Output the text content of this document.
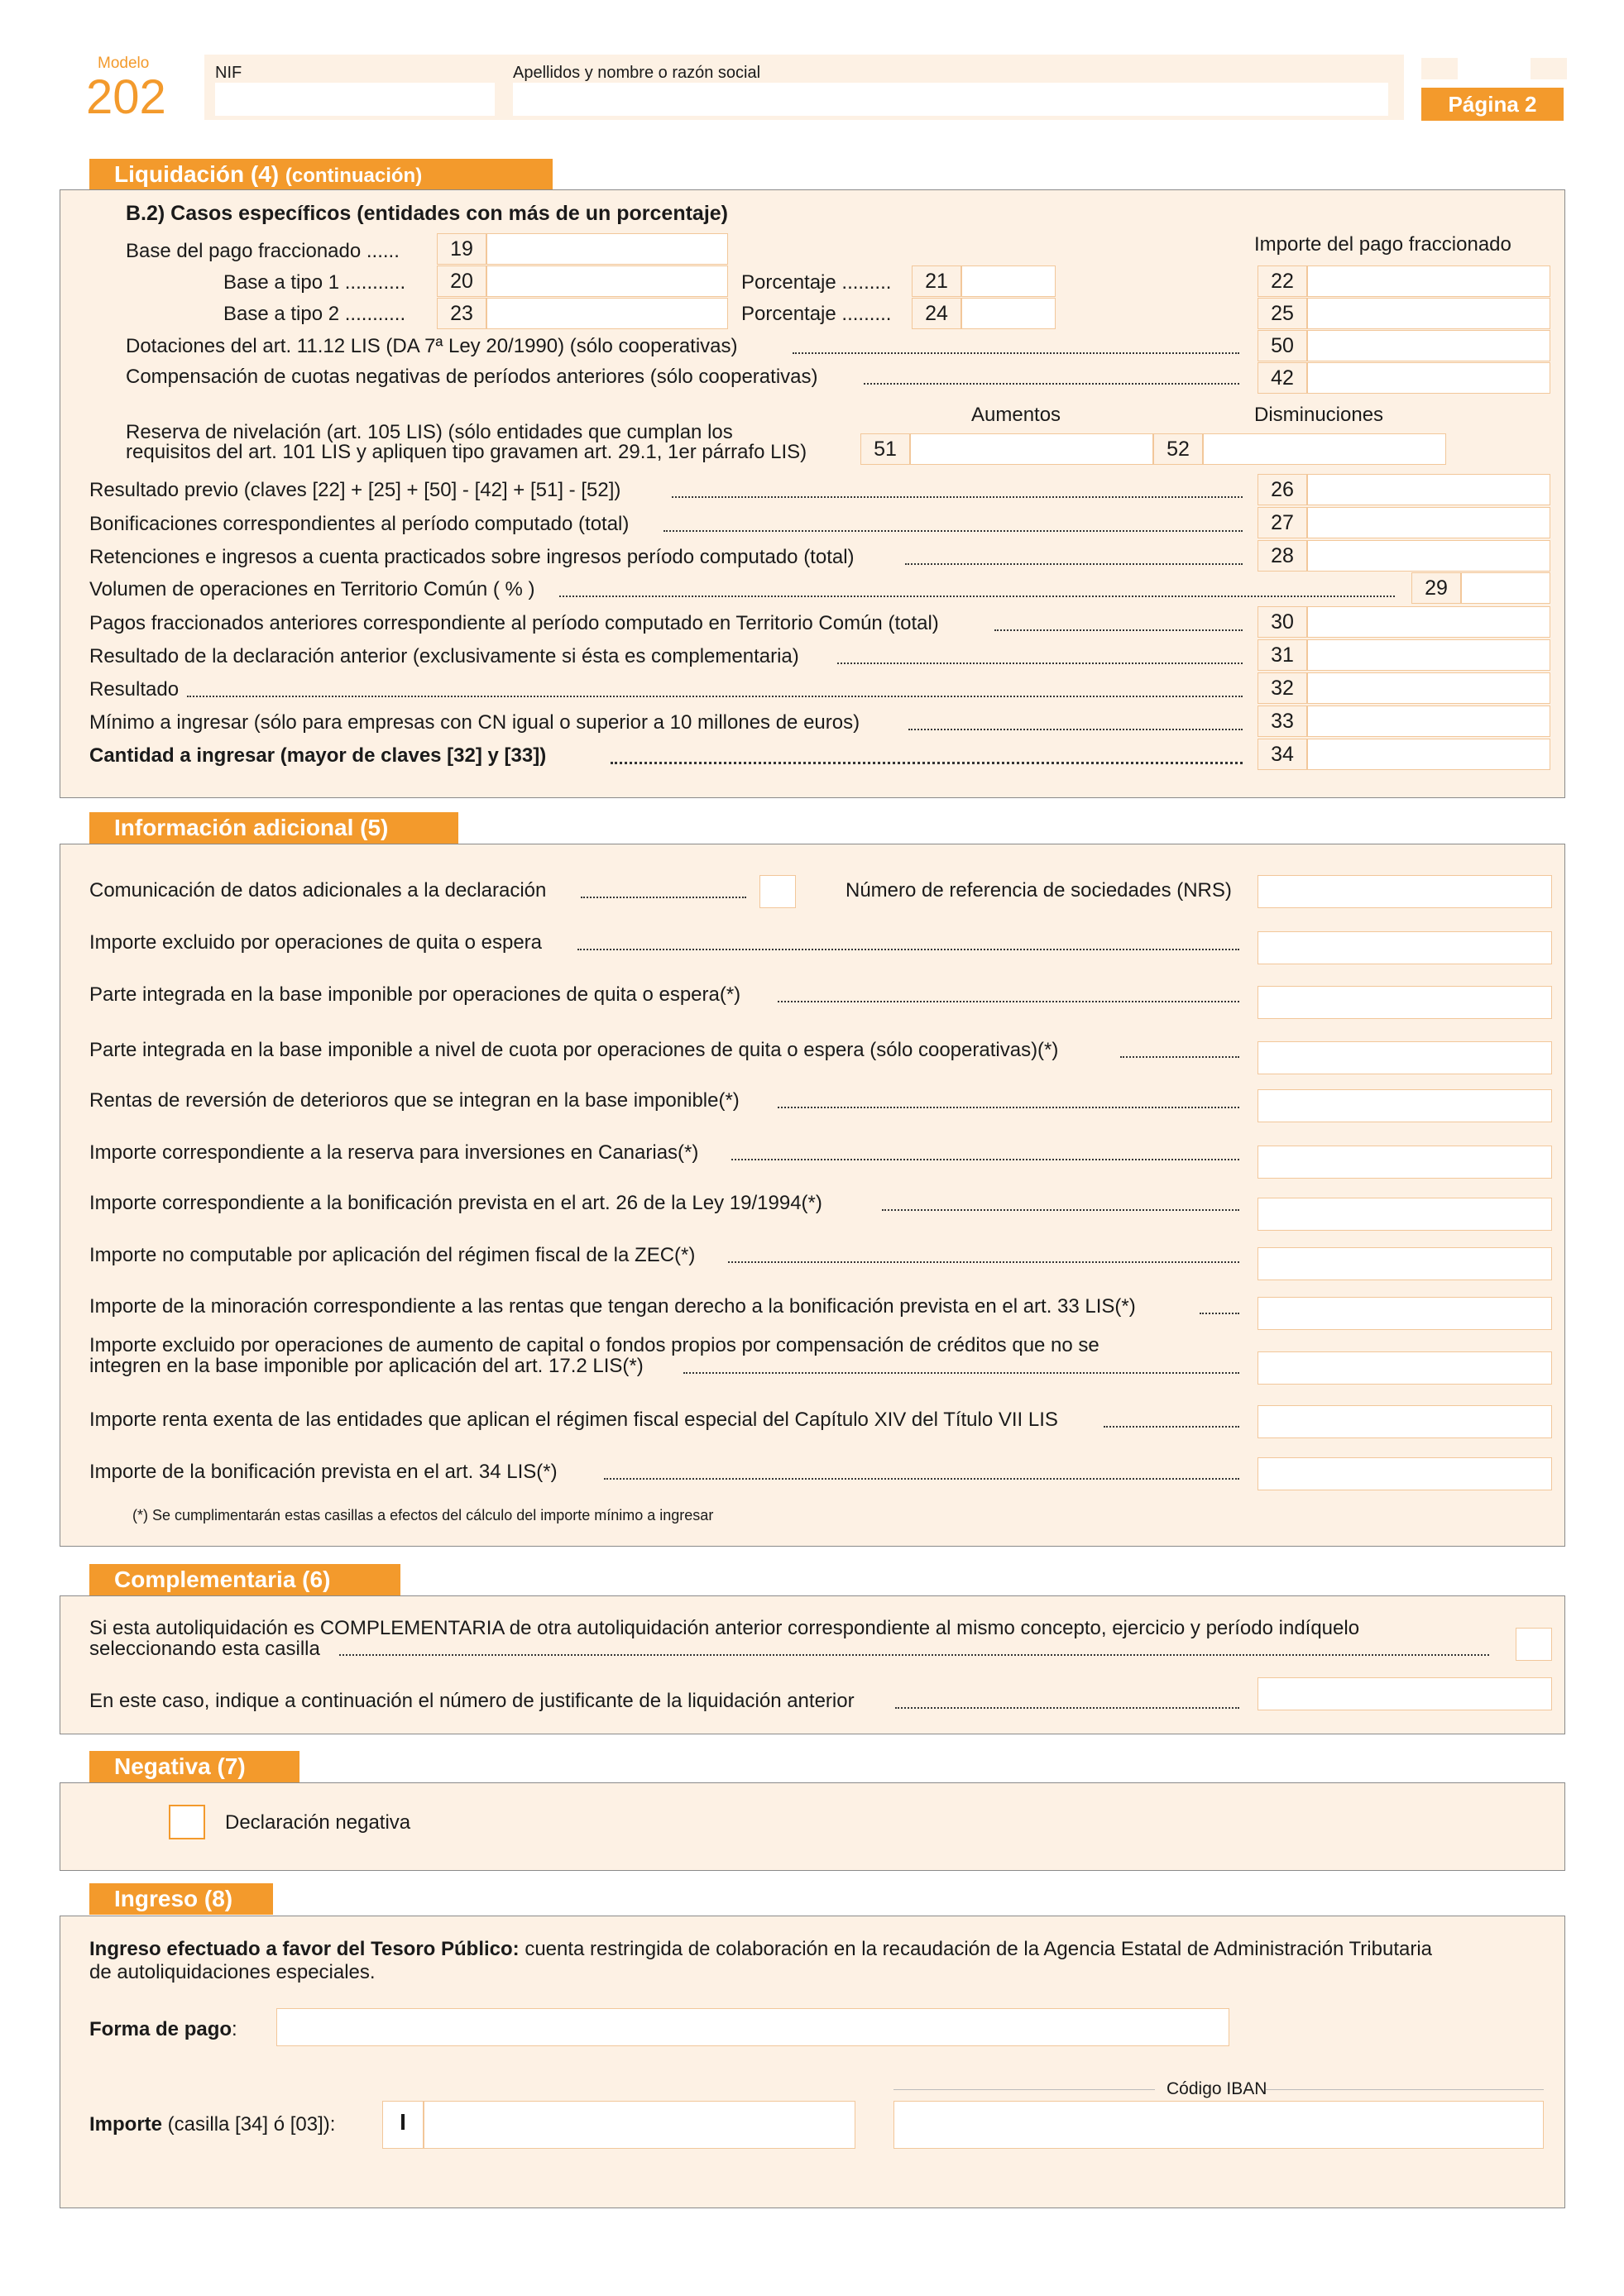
Modelo
202	NIF	Apellidos y nombre o razón social
Página 2
Liquidación (4) (continuación)
B.2) Casos específicos (entidades con más de un porcentaje)
Importe del pago fraccionado
Base del pago fraccionado ......	19
Base a tipo 1 ...........	20	Porcentaje .........	21	22
Base a tipo 2 ...........	23	Porcentaje .........	24	25
Dotaciones del art. 11.12 LIS (DA 7ª Ley 20/1990) (sólo cooperativas)	50
Compensación de cuotas negativas de períodos anteriores (sólo cooperativas)	42
Aumentos	Disminuciones
Reserva de nivelación (art. 105 LIS) (sólo entidades que cumplan los
requisitos del art. 101 LIS y apliquen tipo gravamen art. 29.1, 1er párrafo LIS)	51	52
Resultado previo (claves [22] + [25] + [50] - [42] + [51] - [52])	26
Bonificaciones correspondientes al período computado (total)	27
Retenciones e ingresos a cuenta practicados sobre ingresos período computado (total)	28
Volumen de operaciones en Territorio Común ( % )	29
Pagos fraccionados anteriores correspondiente al período computado en Territorio Común (total)	30
Resultado de la declaración anterior (exclusivamente si ésta es complementaria)	31
Resultado	32
Mínimo a ingresar (sólo para empresas con CN igual o superior a 10 millones de euros)	33
Cantidad a ingresar (mayor de claves [32] y [33])	34
Información adicional (5)
Comunicación de datos adicionales a la declaración	Número de referencia de sociedades (NRS)
Importe excluido por operaciones de quita o espera
Parte integrada en la base imponible por operaciones de quita o espera(*)
Parte integrada en la base imponible a nivel de cuota por operaciones de quita o espera (sólo cooperativas)(*)
Rentas de reversión de deterioros que se integran en la base imponible(*)
Importe correspondiente a la reserva para inversiones en Canarias(*)
Importe correspondiente a la bonificación prevista en el art. 26 de la Ley 19/1994(*)
Importe no computable por aplicación del régimen fiscal de la ZEC(*)
Importe de la minoración correspondiente a las rentas que tengan derecho a la bonificación prevista en el art. 33 LIS(*)
Importe excluido por operaciones de aumento de capital o fondos propios por compensación de créditos que no se
integren en la base imponible por aplicación del art. 17.2 LIS(*)
Importe renta exenta de las entidades que aplican el régimen fiscal especial del Capítulo XIV del Título VII LIS
Importe de la bonificación prevista en el art. 34 LIS(*)
(*) Se cumplimentarán estas casillas a efectos del cálculo del importe mínimo a ingresar
Complementaria (6)
Si esta autoliquidación es COMPLEMENTARIA de otra autoliquidación anterior correspondiente al mismo concepto, ejercicio y período indíquelo
seleccionando esta casilla
En este caso, indique a continuación el número de justificante de la liquidación anterior
Negativa (7)
Declaración negativa
Ingreso (8)
Ingreso efectuado a favor del Tesoro Público: cuenta restringida de colaboración en la recaudación de la Agencia Estatal de Administración Tributaria
de autoliquidaciones especiales.
Forma de pago:
Código IBAN
Importe (casilla [34] ó [03]):	I
